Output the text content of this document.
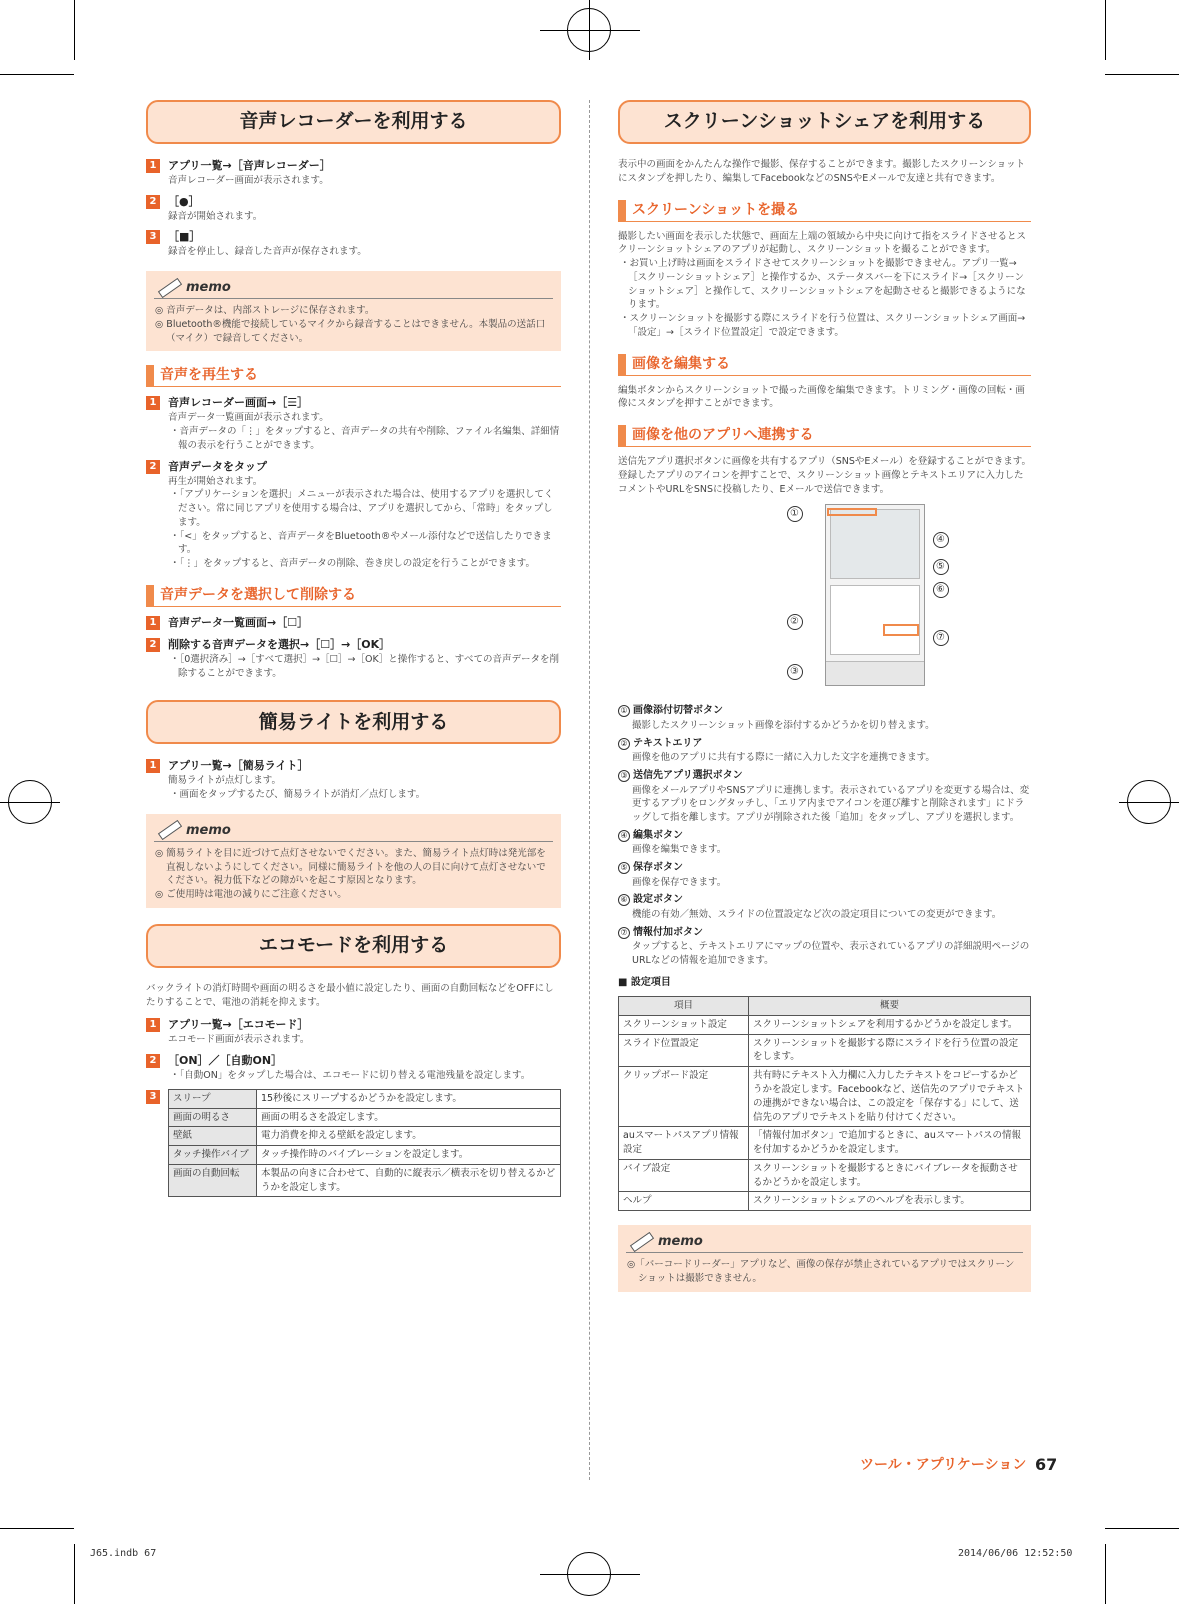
音声レコーダーを利用する
1	アプリ一覧→［音声レコーダー］
音声レコーダー画面が表示されます。
2	［●］
録音が開始されます。
3	［■］
録音を停止し、録音した音声が保存されます。
memo
◎ 音声データは、内部ストレージに保存されます。
◎ Bluetooth®機能で接続しているマイクから録音することはできません。本製品の送話口（マイク）で録音してください。
音声を再生する
1	音声レコーダー画面→［☰］
音声データ一覧画面が表示されます。
・音声データの「⋮」をタップすると、音声データの共有や削除、ファイル名編集、詳細情報の表示を行うことができます。
2	音声データをタップ
再生が開始されます。
・「アプリケーションを選択」メニューが表示された場合は、使用するアプリを選択してください。常に同じアプリを使用する場合は、アプリを選択してから、「常時」をタップします。
・「<」をタップすると、音声データをBluetooth®やメール添付などで送信したりできます。
・「⋮」をタップすると、音声データの削除、巻き戻しの設定を行うことができます。
音声データを選択して削除する
1	音声データ一覧画面→［☐］
2	削除する音声データを選択→［☐］→［OK］
・［0選択済み］→［すべて選択］→［☐］→［OK］と操作すると、すべての音声データを削除することができます。
簡易ライトを利用する
1	アプリ一覧→［簡易ライト］
簡易ライトが点灯します。
・画面をタップするたび、簡易ライトが消灯／点灯します。
memo
◎ 簡易ライトを目に近づけて点灯させないでください。また、簡易ライト点灯時は発光部を直視しないようにしてください。同様に簡易ライトを他の人の目に向けて点灯させないでください。視力低下などの障がいを起こす原因となります。
◎ ご使用時は電池の減りにご注意ください。
エコモードを利用する
バックライトの消灯時間や画面の明るさを最小値に設定したり、画面の自動回転などをOFFにしたりすることで、電池の消耗を抑えます。
1	アプリ一覧→［エコモード］
エコモード画面が表示されます。
2	［ON］／［自動ON］
・「自動ON」をタップした場合は、エコモードに切り替える電池残量を設定します。
3	スリープ	15秒後にスリープするかどうかを設定します。
画面の明るさ	画面の明るさを設定します。
壁紙	電力消費を抑える壁紙を設定します。
タッチ操作バイブ	タッチ操作時のバイブレーションを設定します。
画面の自動回転	本製品の向きに合わせて、自動的に縦表示／横表示を切り替えるかどうかを設定します。
スクリーンショットシェアを利用する
表示中の画面をかんたんな操作で撮影、保存することができます。撮影したスクリーンショットにスタンプを押したり、編集してFacebookなどのSNSやEメールで友達と共有できます。
スクリーンショットを撮る
撮影したい画面を表示した状態で、画面左上端の領域から中央に向けて指をスライドさせるとスクリーンショットシェアのアプリが起動し、スクリーンショットを撮ることができます。
・お買い上げ時は画面をスライドさせてスクリーンショットを撮影できません。アプリ一覧→［スクリーンショットシェア］と操作するか、ステータスバーを下にスライド→［スクリーンショットシェア］と操作して、スクリーンショットシェアを起動させると撮影できるようになります。
・スクリーンショットを撮影する際にスライドを行う位置は、スクリーンショットシェア画面→「設定」→［スライド位置設定］で設定できます。
画像を編集する
編集ボタンからスクリーンショットで撮った画像を編集できます。トリミング・画像の回転・画像にスタンプを押すことができます。
画像を他のアプリへ連携する
送信先アプリ選択ボタンに画像を共有するアプリ（SNSやEメール）を登録することができます。登録したアプリのアイコンを押すことで、スクリーンショット画像とテキストエリアに入力したコメントやURLをSNSに投稿したり、Eメールで送信できます。
①
②
③
④
⑤
⑥
⑦
① 画像添付切替ボタン
撮影したスクリーンショット画像を添付するかどうかを切り替えます。
② テキストエリア
画像を他のアプリに共有する際に一緒に入力した文字を連携できます。
③ 送信先アプリ選択ボタン
画像をメールアプリやSNSアプリに連携します。表示されているアプリを変更する場合は、変更するアプリをロングタッチし、「エリア内までアイコンを運び離すと削除されます」にドラッグして指を離します。アプリが削除された後「追加」をタップし、アプリを選択します。
④ 編集ボタン
画像を編集できます。
⑤ 保存ボタン
画像を保存できます。
⑥ 設定ボタン
機能の有効／無効、スライドの位置設定など次の設定項目についての変更ができます。
⑦ 情報付加ボタン
タップすると、テキストエリアにマップの位置や、表示されているアプリの詳細説明ページのURLなどの情報を追加できます。
■ 設定項目
項目	概要
スクリーンショット設定	スクリーンショットシェアを利用するかどうかを設定します。
スライド位置設定	スクリーンショットを撮影する際にスライドを行う位置の設定をします。
クリップボード設定	共有時にテキスト入力欄に入力したテキストをコピーするかどうかを設定します。Facebookなど、送信先のアプリでテキストの連携ができない場合は、この設定を「保存する」にして、送信先のアプリでテキストを貼り付けてください。
auスマートパスアプリ情報設定	「情報付加ボタン」で追加するときに、auスマートパスの情報を付加するかどうかを設定します。
バイブ設定	スクリーンショットを撮影するときにバイブレータを振動させるかどうかを設定します。
ヘルプ	スクリーンショットシェアのヘルプを表示します。
memo
◎「バーコードリーダー」アプリなど、画像の保存が禁止されているアプリではスクリーンショットは撮影できません。
ツール・アプリケーション 67
J65.indb 67	2014/06/06 12:52:50
